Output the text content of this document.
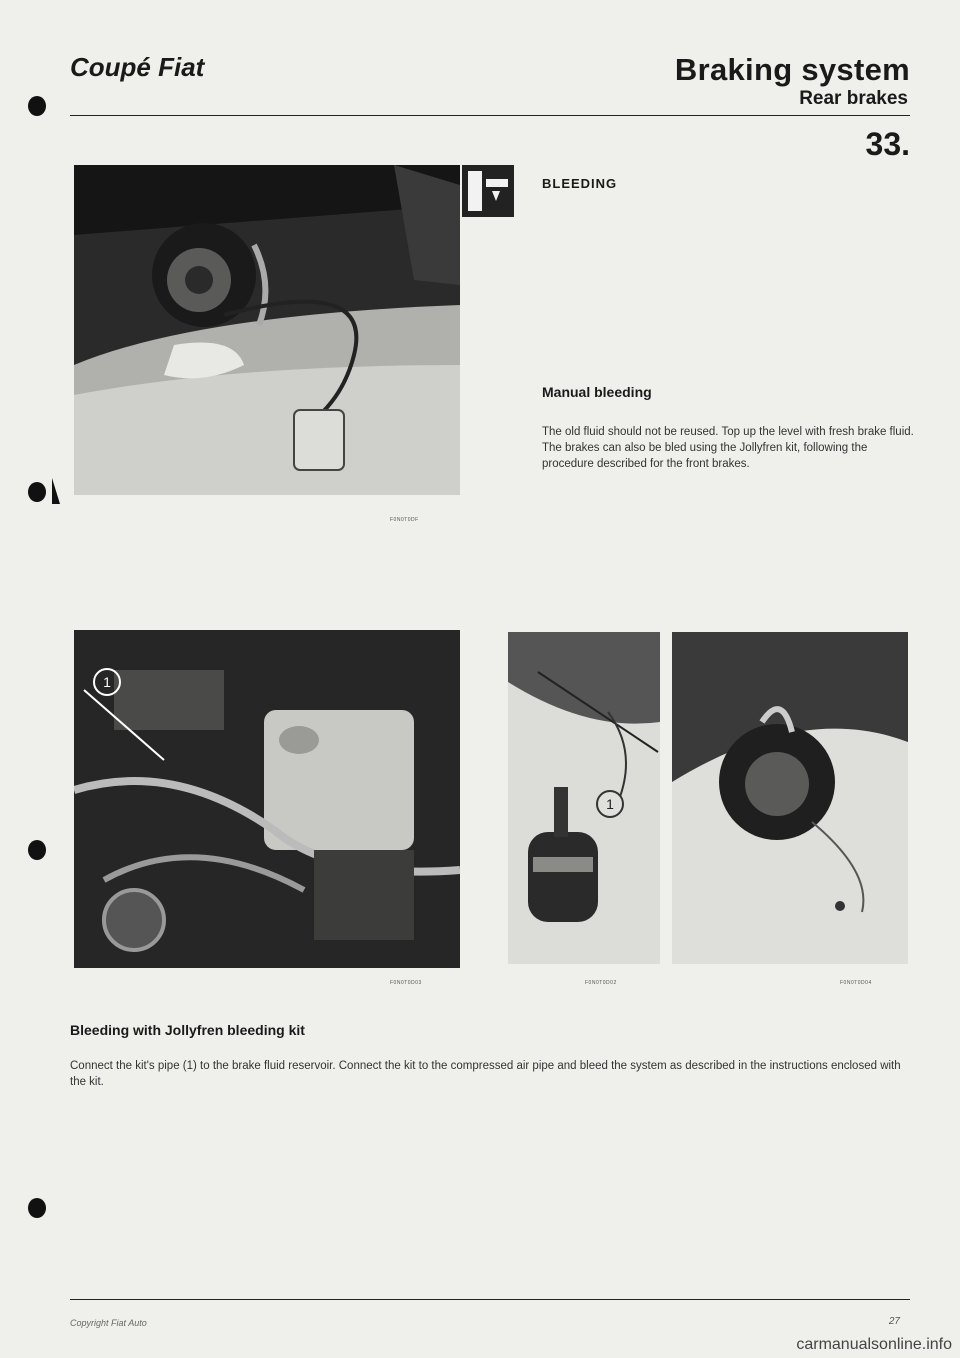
Coupé Fiat	Braking system
Rear brakes
33.
F0N0T0DF
BLEEDING
Manual bleeding

The old fluid should not be reused. Top up the level with fresh brake fluid.

The brakes can also be bled using the Jollyfren kit, following the procedure described for the front brakes.

1
F0N0T0D03
1
F0N0T0D02	F0N0T0D04
Bleeding with Jollyfren bleeding kit
Connect the kit's pipe (1) to the brake fluid reservoir. Connect the kit to the compressed air pipe and bleed the system as described in the instructions enclosed with the kit.
Copyright Fiat Auto	27
carmanualsonline.info
